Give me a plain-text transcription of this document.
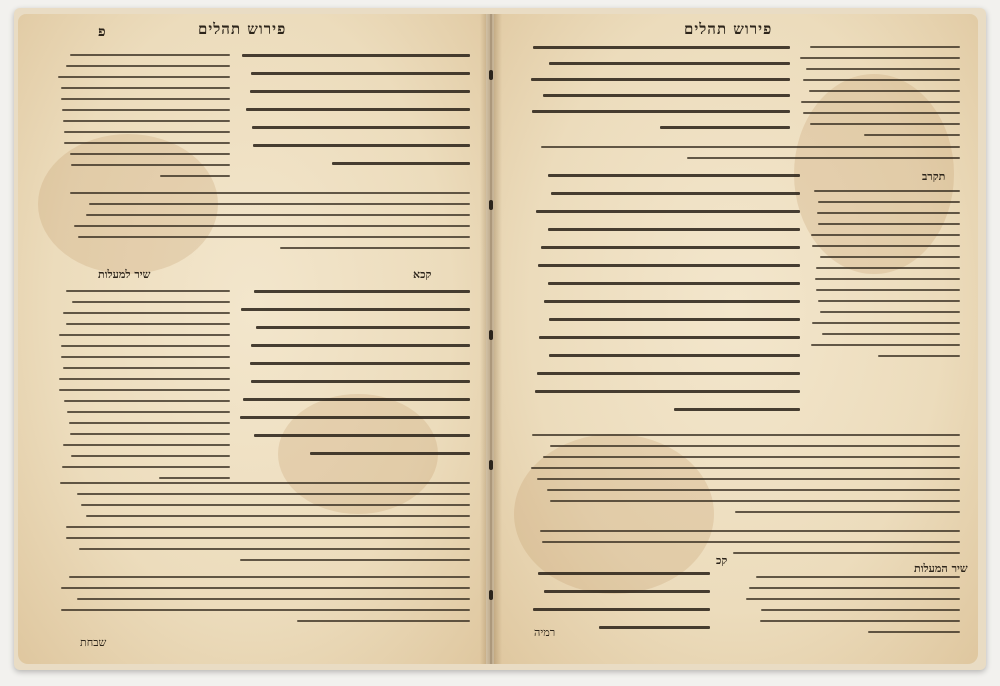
פירוש תהלים
פ
קכא
שיר למעלות
שבחת
פירוש תהלים
תקרב
קכ
שיר המעלות
רמיה
